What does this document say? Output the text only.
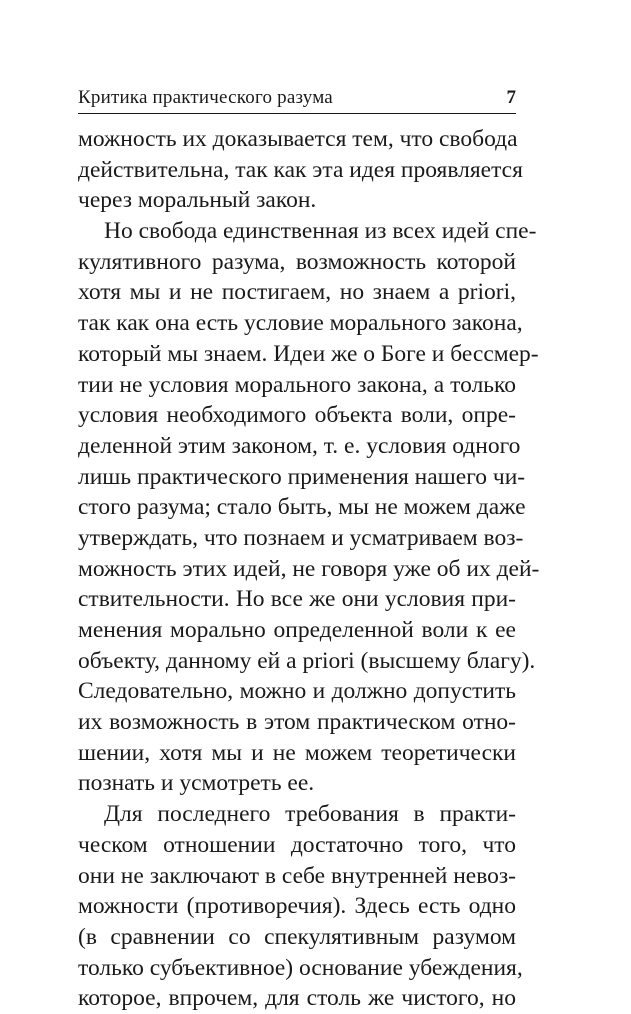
Критика практического разума	7
можность их доказывается тем, что свобода
действительна, так как эта идея проявляется
через моральный закон.
Но свобода единственная из всех идей спе-
кулятивного разума, возможность которой
хотя мы и не постигаем, но знаем a priori,
так как она есть условие морального закона,
который мы знаем. Идеи же о Боге и бессмер-
тии не условия морального закона, а только
условия необходимого объекта воли, опре-
деленной этим законом, т. е. условия одного
лишь практического применения нашего чи-
стого разума; стало быть, мы не можем даже
утверждать, что познаем и усматриваем воз-
можность этих идей, не говоря уже об их дей-
ствительности. Но все же они условия при-
менения морально определенной воли к ее
объекту, данному ей a priori (высшему благу).
Следовательно, можно и должно допустить
их возможность в этом практическом отно-
шении, хотя мы и не можем теоретически
познать и усмотреть ее.
Для последнего требования в практи-
ческом отношении достаточно того, что
они не заключают в себе внутренней невоз-
можности (противоречия). Здесь есть одно
(в сравнении со спекулятивным разумом
только субъективное) основание убеждения,
которое, впрочем, для столь же чистого, но
